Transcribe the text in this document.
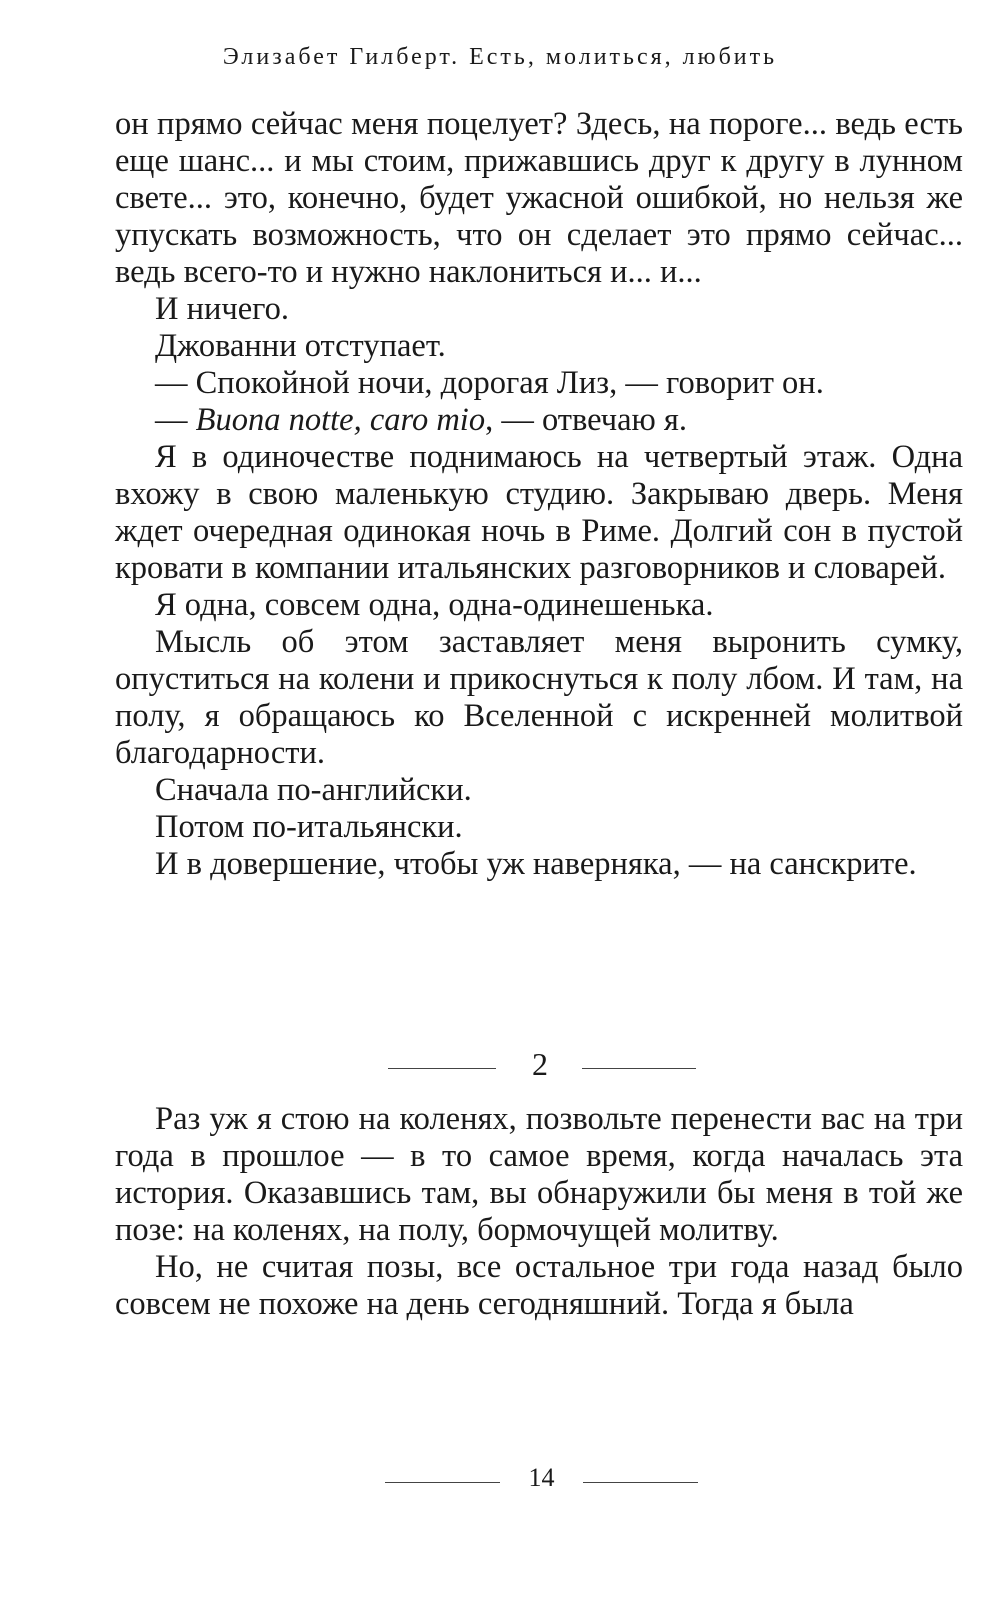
Элизабет Гилберт. Есть, молиться, любить

он прямо сейчас меня поцелует? Здесь, на пороге... ведь есть еще шанс... и мы стоим, прижавшись друг к другу в лунном свете... это, конечно, будет ужасной ошибкой, но нельзя же упускать возможность, что он сделает это прямо сейчас... ведь всего-то и нужно наклониться и... и...

И ничего.

Джованни отступает.

— Спокойной ночи, дорогая Лиз, — говорит он.

— Buona notte, caro mio, — отвечаю я.

Я в одиночестве поднимаюсь на четвертый этаж. Одна вхожу в свою маленькую студию. Закрываю дверь. Меня ждет очередная одинокая ночь в Риме. Долгий сон в пустой кровати в компании итальянских разговорников и словарей.

Я одна, совсем одна, одна-одинешенька.

Мысль об этом заставляет меня выронить сумку, опуститься на колени и прикоснуться к полу лбом. И там, на полу, я обращаюсь ко Вселенной с искренней молитвой благодарности.

Сначала по-английски.

Потом по-итальянски.

И в довершение, чтобы уж наверняка, — на санскрите.

2

Раз уж я стою на коленях, позвольте перенести вас на три года в прошлое — в то самое время, когда началась эта история. Оказавшись там, вы обнаружили бы меня в той же позе: на коленях, на полу, бормочущей молитву.

Но, не считая позы, все остальное три года назад было совсем не похоже на день сегодняшний. Тогда я была

14
